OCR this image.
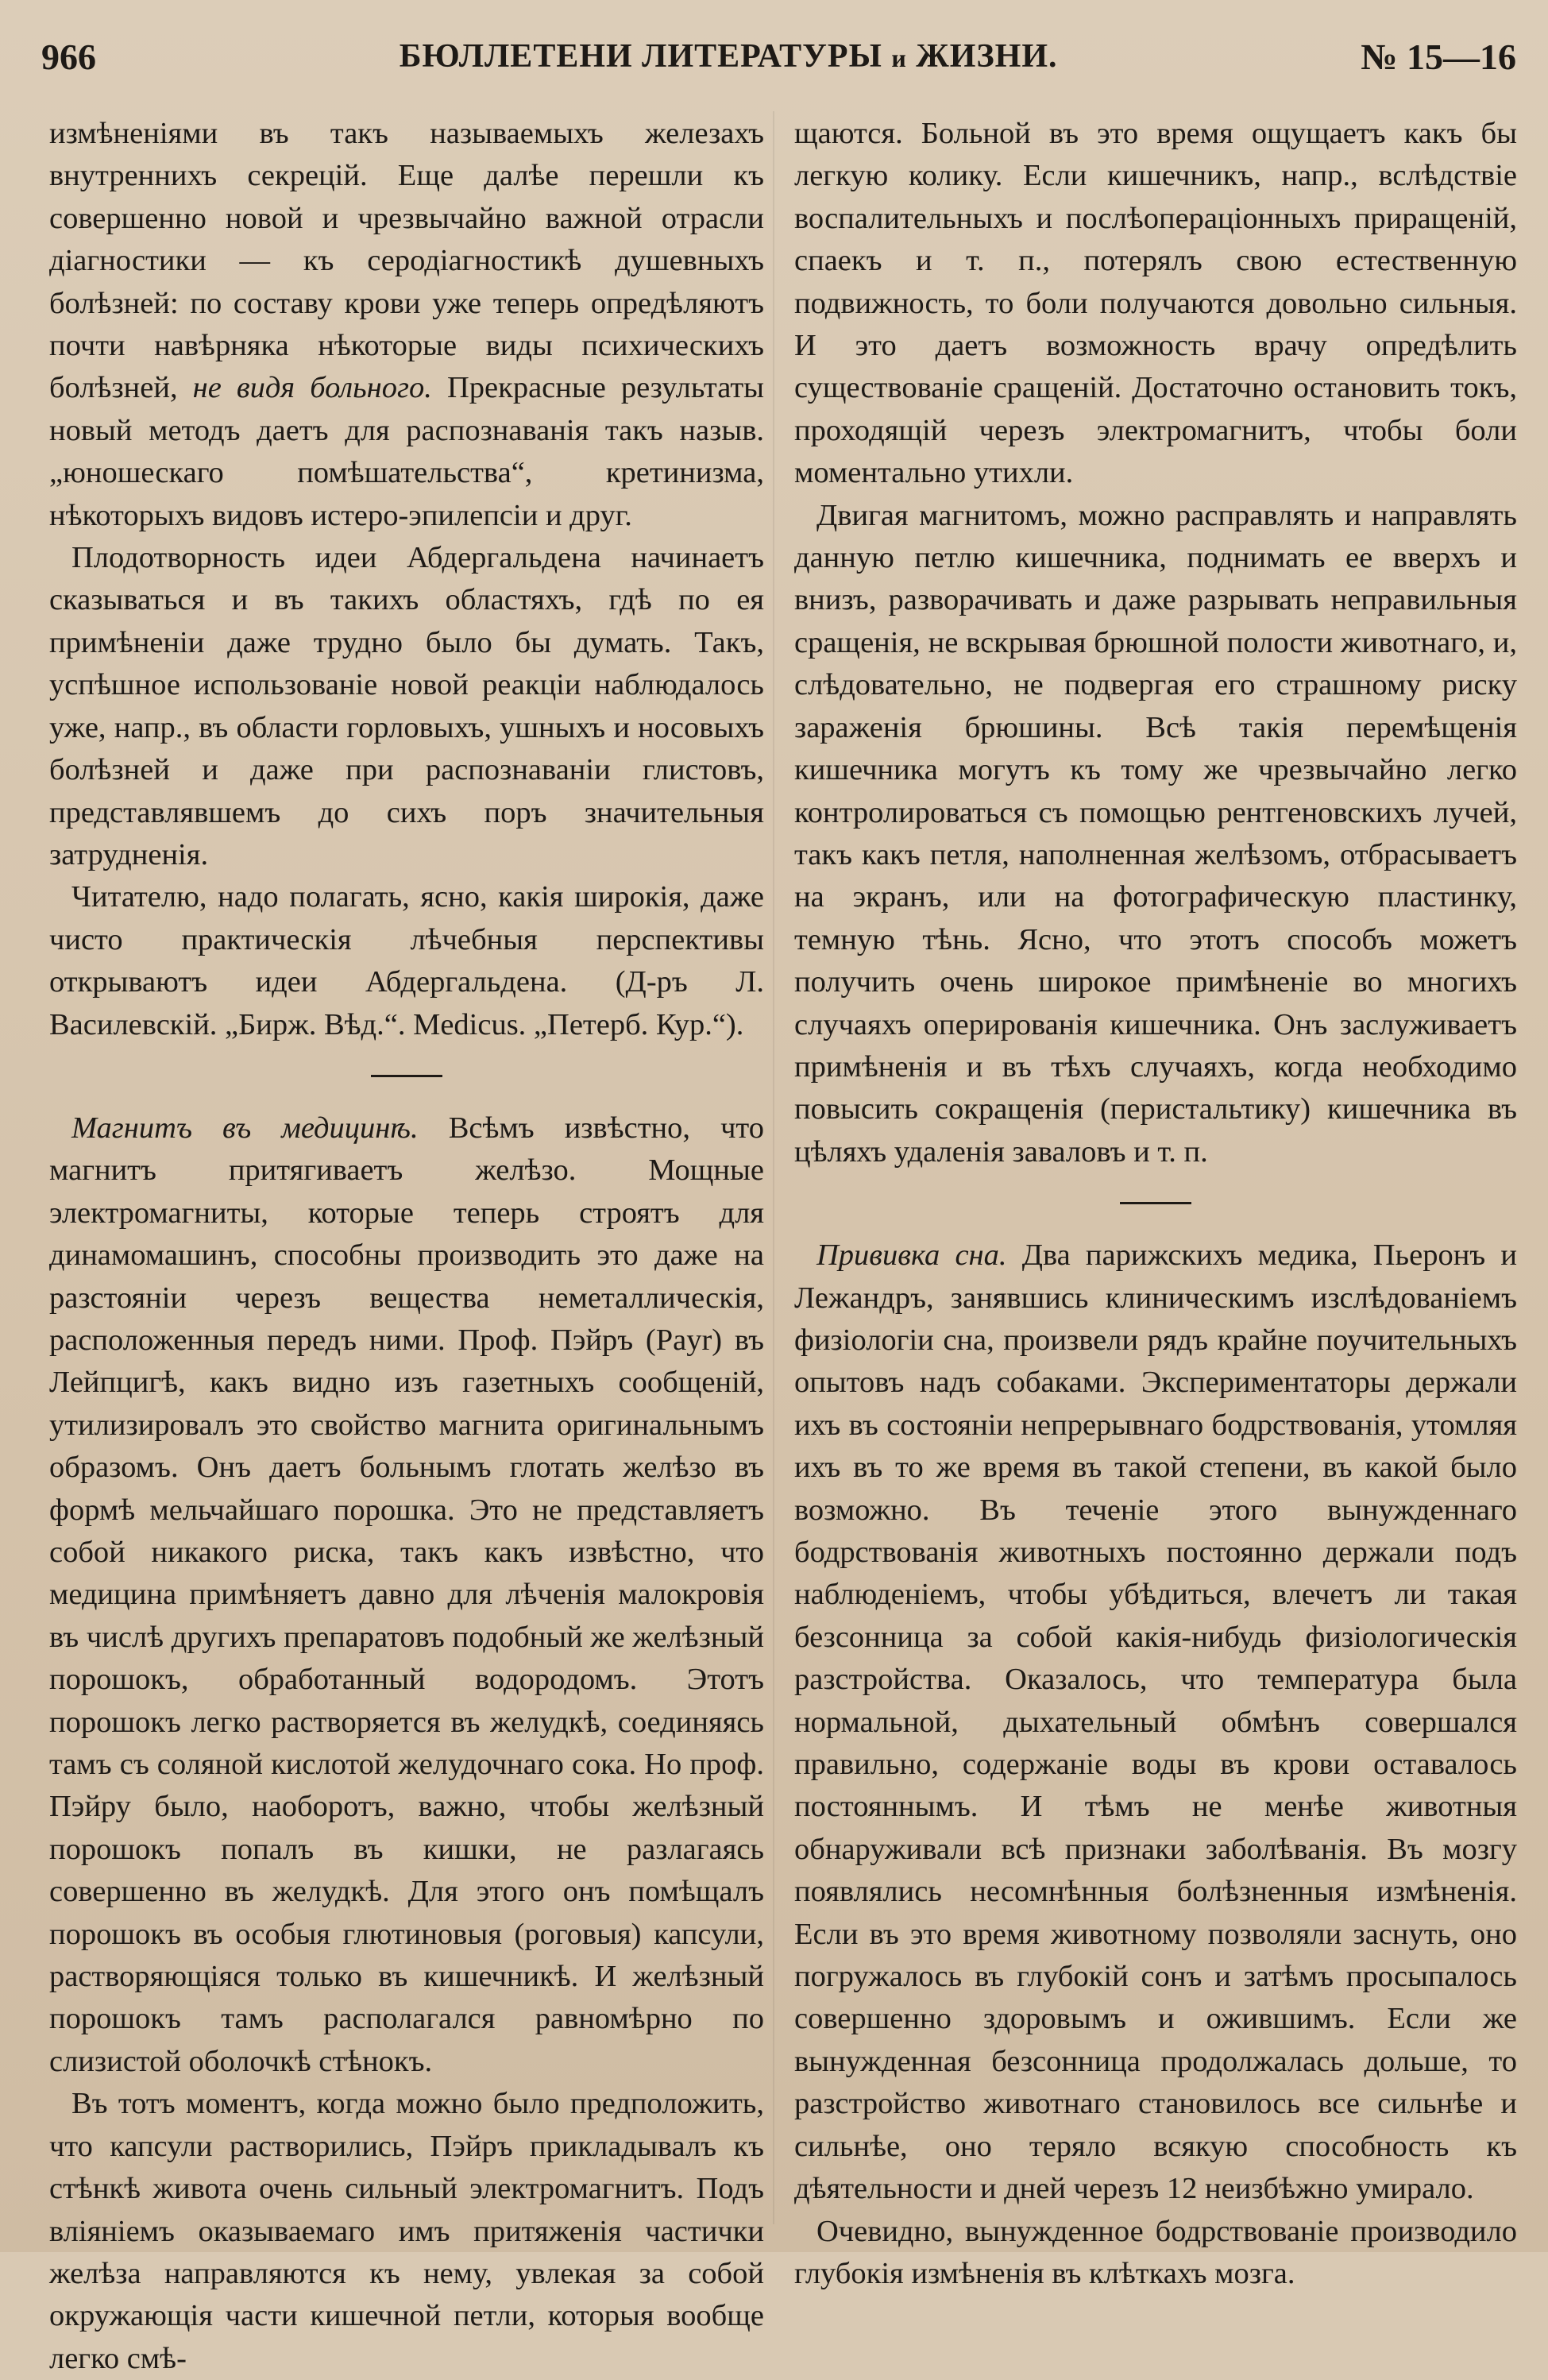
966	БЮЛЛЕТЕНИ ЛИТЕРАТУРЫ и ЖИЗНИ.	№ 15—16

измѣненіями въ такъ называемыхъ железахъ внутреннихъ секрецій. Еще далѣе перешли къ совершенно новой и чрезвычайно важной отрасли діагностики — къ серодіагностикѣ душевныхъ болѣзней: по составу крови уже теперь опредѣляютъ почти навѣрняка нѣкоторые виды психическихъ болѣзней, не видя больного. Прекрасные результаты новый методъ даетъ для распознаванія такъ назыв. „юношескаго помѣшательства“, кретинизма, нѣкоторыхъ видовъ истеро-эпилепсіи и друг.

Плодотворность идеи Абдергальдена начинаетъ сказываться и въ такихъ областяхъ, гдѣ по ея примѣненіи даже трудно было бы думать. Такъ, успѣшное использованіе новой реакціи наблюдалось уже, напр., въ области горловыхъ, ушныхъ и носовыхъ болѣзней и даже при распознаваніи глистовъ, представлявшемъ до сихъ поръ значительныя затрудненія.

Читателю, надо полагать, ясно, какія широкія, даже чисто практическія лѣчебныя перспективы открываютъ идеи Абдергальдена. (Д-ръ Л. Василевскій. „Бирж. Вѣд.“. Medicus. „Петерб. Кур.“).

Магнитъ въ медицинѣ. Всѣмъ извѣстно, что магнитъ притягиваетъ желѣзо. Мощные электромагниты, которые теперь строятъ для динамомашинъ, способны производить это даже на разстояніи черезъ вещества неметаллическія, расположенныя передъ ними. Проф. Пэйръ (Payr) въ Лейпцигѣ, какъ видно изъ газетныхъ сообщеній, утилизировалъ это свойство магнита оригинальнымъ образомъ. Онъ даетъ больнымъ глотать желѣзо въ формѣ мельчайшаго порошка. Это не представляетъ собой никакого риска, такъ какъ извѣстно, что медицина примѣняетъ давно для лѣченія малокровія въ числѣ другихъ препаратовъ подобный же желѣзный порошокъ, обработанный водородомъ. Этотъ порошокъ легко растворяется въ желудкѣ, соединяясь тамъ съ соляной кислотой желудочнаго сока. Но проф. Пэйру было, наоборотъ, важно, чтобы желѣзный порошокъ попалъ въ кишки, не разлагаясь совершенно въ желудкѣ. Для этого онъ помѣщалъ порошокъ въ особыя глютиновыя (роговыя) капсули, растворяющіяся только въ кишечникѣ. И желѣзный порошокъ тамъ располагался равномѣрно по слизистой оболочкѣ стѣнокъ.

Въ тотъ моментъ, когда можно было предположить, что капсули растворились, Пэйръ прикладывалъ къ стѣнкѣ живота очень сильный электромагнитъ. Подъ вліяніемъ оказываемаго имъ притяженія частички желѣза направляются къ нему, увлекая за собой окружающія части кишечной петли, которыя вообще легко смѣ-

щаются. Больной въ это время ощущаетъ какъ бы легкую колику. Если кишечникъ, напр., вслѣдствіе воспалительныхъ и послѣоперaціонныхъ приращеній, спаекъ и т. п., потерялъ свою естественную подвижность, то боли получаются довольно сильныя. И это даетъ возможность врачу опредѣлить существованіе сращеній. Достаточно остановить токъ, проходящій черезъ электромагнитъ, чтобы боли моментально утихли.

Двигая магнитомъ, можно расправлять и направлять данную петлю кишечника, поднимать ее вверхъ и внизъ, разворачивать и даже разрывать неправильныя сращенія, не вскрывая брюшной полости животнаго, и, слѣдовательно, не подвергая его страшному риску зараженія брюшины. Всѣ такія перемѣщенія кишечника могутъ къ тому же чрезвычайно легко контролироваться съ помощью рентгеновскихъ лучей, такъ какъ петля, наполненная желѣзомъ, отбрасываетъ на экранъ, или на фотографическую пластинку, темную тѣнь. Ясно, что этотъ способъ можетъ получить очень широкое примѣненіе во многихъ случаяхъ оперированія кишечника. Онъ заслуживаетъ примѣненія и въ тѣхъ случаяхъ, когда необходимо повысить сокращенія (перистальтику) кишечника въ цѣляхъ удаленія заваловъ и т. п.

Прививка сна. Два парижскихъ медика, Пьеронъ и Лежандръ, занявшись клиническимъ изслѣдованіемъ физіологіи сна, произвели рядъ крайне поучительныхъ опытовъ надъ собаками. Экспериментаторы держали ихъ въ состояніи непрерывнаго бодрствованія, утомляя ихъ въ то же время въ такой степени, въ какой было возможно. Въ теченіе этого вынужденнаго бодрствованія животныхъ постоянно держали подъ наблюденіемъ, чтобы убѣдиться, влечетъ ли такая безсонница за собой какія-нибудь физіологическія разстройства. Оказалось, что температура была нормальной, дыхательный обмѣнъ совершался правильно, содержаніе воды въ крови оставалось постояннымъ. И тѣмъ не менѣе животныя обнаруживали всѣ признаки заболѣванія. Въ мозгу появлялись несомнѣнныя болѣзненныя измѣненія. Если въ это время животному позволяли заснуть, оно погружалось въ глубокій сонъ и затѣмъ просыпалось совершенно здоровымъ и ожившимъ. Если же вынужденная безсонница продолжалась дольше, то разстройство животнаго становилось все сильнѣе и сильнѣе, оно теряло всякую способность къ дѣятельности и дней черезъ 12 неизбѣжно умирало.

Очевидно, вынужденное бодрствованіе производило глубокія измѣненія въ клѣткахъ мозга.
